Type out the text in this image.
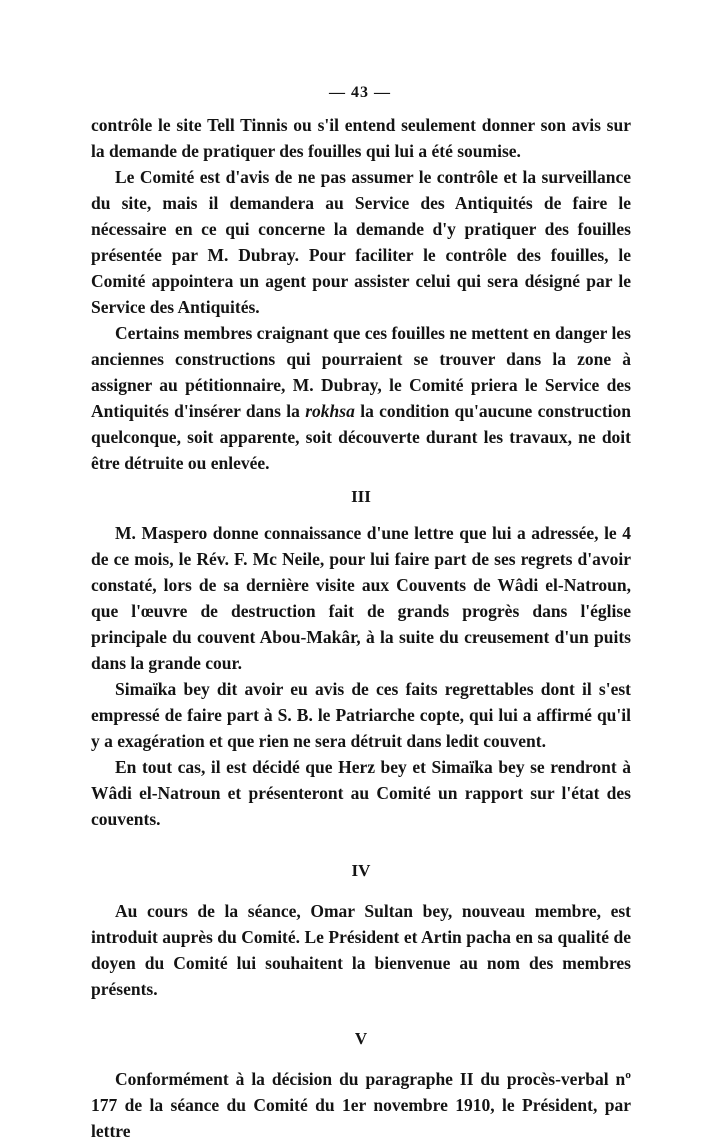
— 43 —

contrôle le site Tell Tinnis ou s'il entend seulement donner son avis sur la demande de pratiquer des fouilles qui lui a été soumise.

Le Comité est d'avis de ne pas assumer le contrôle et la surveillance du site, mais il demandera au Service des Antiquités de faire le nécessaire en ce qui concerne la demande d'y pratiquer des fouilles présentée par M. Dubray. Pour faciliter le contrôle des fouilles, le Comité appointera un agent pour assister celui qui sera désigné par le Service des Antiquités.

Certains membres craignant que ces fouilles ne mettent en danger les anciennes constructions qui pourraient se trouver dans la zone à assigner au pétitionnaire, M. Dubray, le Comité priera le Service des Antiquités d'insérer dans la rokhsa la condition qu'aucune construction quelconque, soit apparente, soit découverte durant les travaux, ne doit être détruite ou enlevée.

III

M. Maspero donne connaissance d'une lettre que lui a adressée, le 4 de ce mois, le Rév. F. Mc Neile, pour lui faire part de ses regrets d'avoir constaté, lors de sa dernière visite aux Couvents de Wâdi el-Natroun, que l'œuvre de destruction fait de grands progrès dans l'église principale du couvent Abou-Makâr, à la suite du creusement d'un puits dans la grande cour.

Simaïka bey dit avoir eu avis de ces faits regrettables dont il s'est empressé de faire part à S. B. le Patriarche copte, qui lui a affirmé qu'il y a exagération et que rien ne sera détruit dans ledit couvent.

En tout cas, il est décidé que Herz bey et Simaïka bey se rendront à Wâdi el-Natroun et présenteront au Comité un rapport sur l'état des couvents.

IV

Au cours de la séance, Omar Sultan bey, nouveau membre, est introduit auprès du Comité. Le Président et Artin pacha en sa qualité de doyen du Comité lui souhaitent la bienvenue au nom des membres présents.

V

Conformément à la décision du paragraphe II du procès-verbal nº 177 de la séance du Comité du 1er novembre 1910, le Président, par lettre
